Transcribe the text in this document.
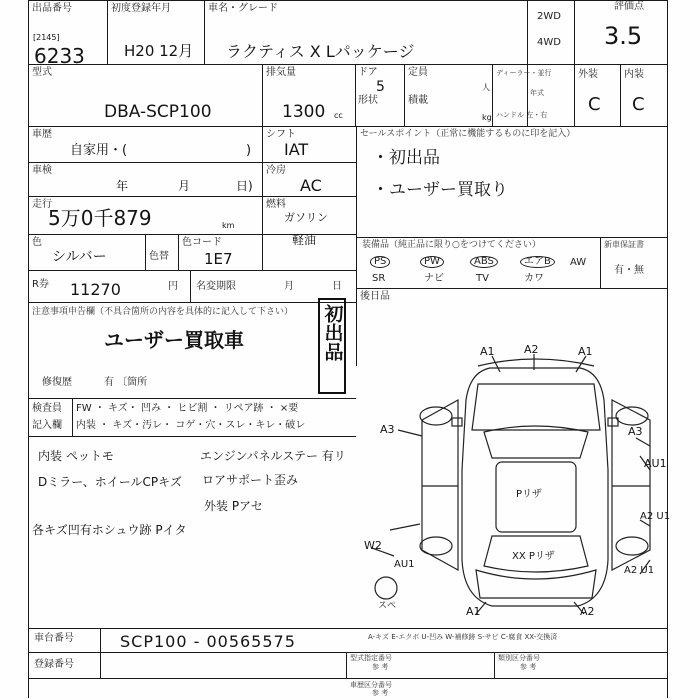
出品番号
[2145]
6233
初度登録年月
H20 12月
車名・グレード
ラクティス X Lパッケージ
2WD
4WD
評価点
3.5
型式
DBA-SCP100
排気量
1300 cc
ドア
5
形状
定員
人
積載
kg
ディーラー・並行
年式
ハンドル 左・右
外装	内装
C C
車歴
自家用・(	)
シフト
IAT
車検
年	月	日)
冷房
AC
走行
5万0千879	km
燃料
ガソリン
軽油
色
シルバー	色替
色コード
1E7
R券 11270	円 名変期限	月	日
セールスポイント（正常に機能するものに印を記入）
・初出品
・ユーザー買取り
装備品（純正品に限り○をつけてください）	新車保証書
有・無
PS	PW	ABS	エアB	AW
SR	ナビ	TV	カワ
後日品
注意事項申告欄（不具合箇所の内容を具体的に記入して下さい）
ユーザー買取車
修復歴	有 〔箇所
初出品
検査員
記入欄
FW ・ キズ・ 凹み ・ ヒビ割 ・ リペア跡 ・ ×要
内装 ・ キズ・汚レ・ コゲ・穴・スレ・キレ・破レ
内装 ペットモ
Dミラー、ホイールCPキズ
各キズ凹有ホシュウ跡 Pイタ
エンジンパネルステー 有リ
ロアサポート歪み
外装 Pアセ
A1	A2	A1
A3	A3
AU1
Pリザ
A2 U1
W2
AU1
XX Pリザ
A2 U1
スペ	A1	A2
A-キズ E-エクボ U-凹み W-補修跡 S-サビ C-腐食 XX-交換済
車台番号	SCP100 - 00565575
登録番号
型式指定番号
参 考
類別区分番号
参 考
車歴区分番号
参 考
